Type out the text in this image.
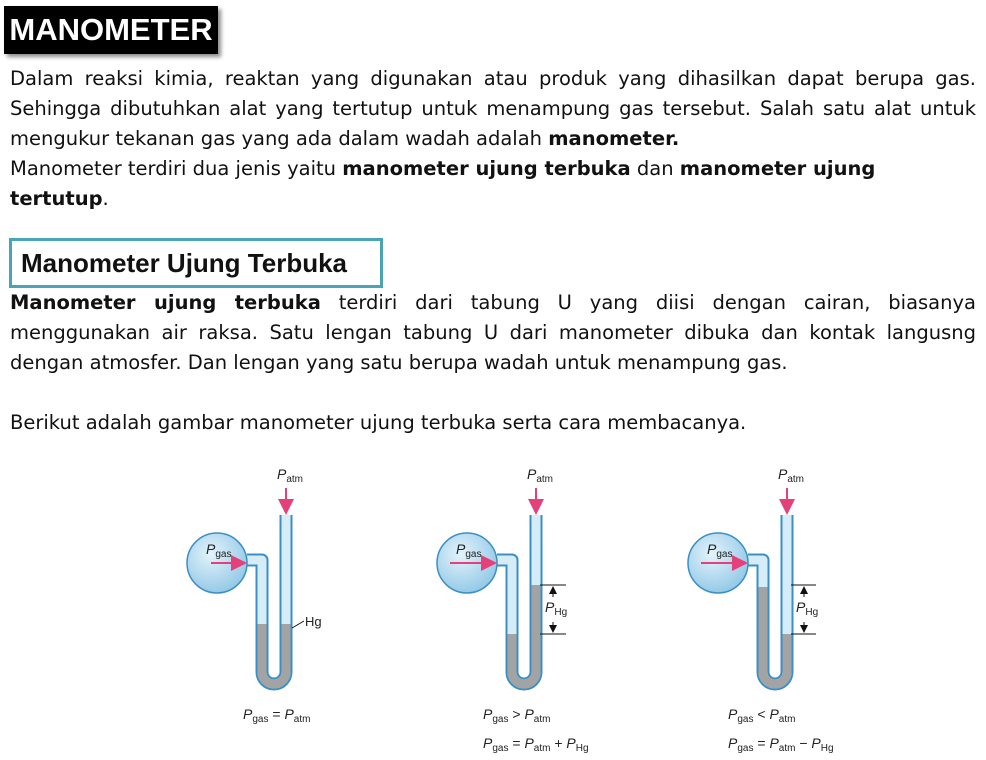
MANOMETER
Dalam reaksi kimia, reaktan yang digunakan atau produk yang dihasilkan dapat berupa gas. Sehingga dibutuhkan alat yang tertutup untuk menampung gas tersebut. Salah satu alat untuk mengukur tekanan gas yang ada dalam wadah adalah manometer.
Manometer terdiri dua jenis yaitu manometer ujung terbuka dan manometer ujung tertutup.
Manometer Ujung Terbuka
Manometer ujung terbuka terdiri dari tabung U yang diisi dengan cairan, biasanya menggunakan air raksa. Satu lengan tabung U dari manometer dibuka dan kontak langusng dengan atmosfer. Dan lengan yang satu berupa wadah untuk menampung gas.
Berikut adalah gambar manometer ujung terbuka serta cara membacanya.
$P_{gas}$
$P_{atm}$
Hg
$P_{gas} = P_{atm}$
$P_{gas}$
$P_{atm}$
$P_{Hg}$
$P_{gas} > P_{atm}$
$P_{gas} = P_{atm} + P_{Hg}$
$P_{gas}$
$P_{atm}$
$P_{Hg}$
$P_{gas} < P_{atm}$
$P_{gas} = P_{atm} - P_{Hg}$
